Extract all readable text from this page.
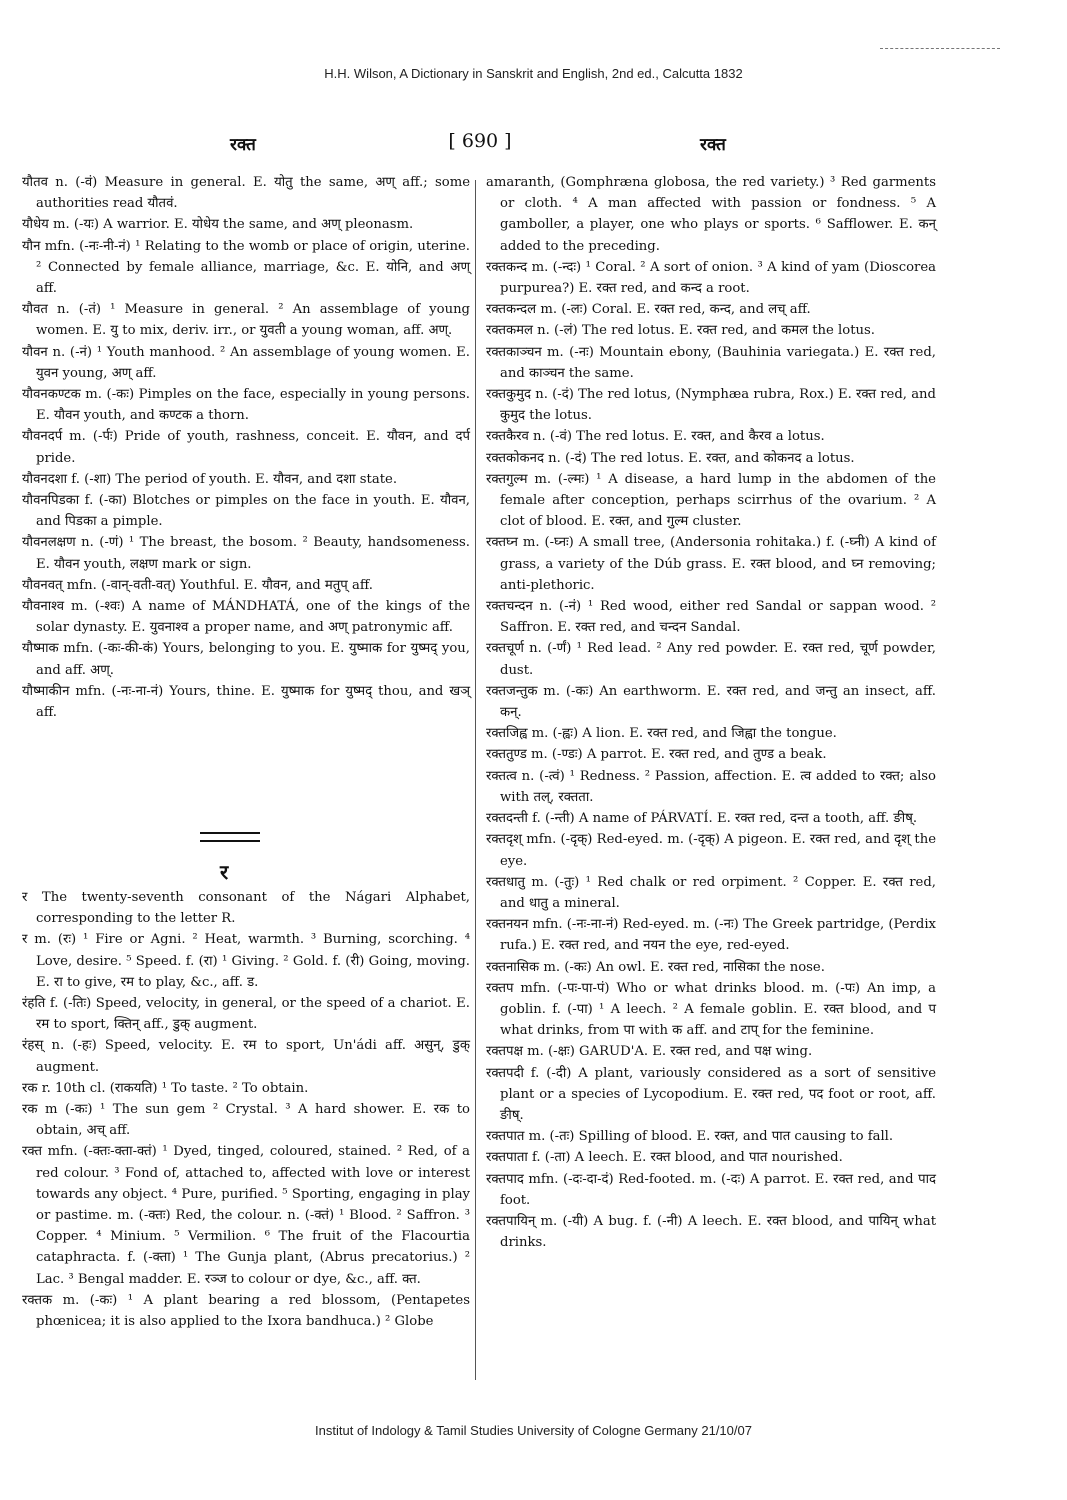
H.H. Wilson, A Dictionary in Sanskrit and English, 2nd ed., Calcutta 1832
रक्त	[ 690 ]	रक्त

यौतव n. (-वं) Measure in general. E. योतु the same, अण् aff.; some authorities read यौतवं.

यौधेय m. (-यः) A warrior. E. योधेय the same, and अण् pleonasm.

यौन mfn. (-नः-नी-नं) ¹ Relating to the womb or place of origin, uterine. ² Connected by female alliance, marriage, &c. E. योनि, and अण् aff.

यौवत n. (-तं) ¹ Measure in general. ² An assemblage of young women. E. यु to mix, deriv. irr., or युवती a young woman, aff. अण्.

यौवन n. (-नं) ¹ Youth manhood. ² An assemblage of young women. E. युवन young, अण् aff.

यौवनकण्टक m. (-कः) Pimples on the face, especially in young persons. E. यौवन youth, and कण्टक a thorn.

यौवनदर्प m. (-र्पः) Pride of youth, rashness, conceit. E. यौवन, and दर्प pride.

यौवनदशा f. (-शा) The period of youth. E. यौवन, and दशा state.

यौवनपिडका f. (-का) Blotches or pimples on the face in youth. E. यौवन, and पिडका a pimple.

यौवनलक्षण n. (-णं) ¹ The breast, the bosom. ² Beauty, handsomeness. E. यौवन youth, लक्षण mark or sign.

यौवनवत् mfn. (-वान्-वती-वत्) Youthful. E. यौवन, and मतुप् aff.

यौवनाश्व m. (-श्वः) A name of MÁNDHATÁ, one of the kings of the solar dynasty. E. युवनाश्व a proper name, and अण् patronymic aff.

यौष्माक mfn. (-कः-की-कं) Yours, belonging to you. E. युष्माक for युष्मद् you, and aff. अण्.

यौष्माकीन mfn. (-नः-ना-नं) Yours, thine. E. युष्माक for युष्मद् thou, and खञ् aff.

र

र The twenty-seventh consonant of the Nágari Alphabet, corresponding to the letter R.

र m. (रः) ¹ Fire or Agni. ² Heat, warmth. ³ Burning, scorching. ⁴ Love, desire. ⁵ Speed. f. (रा) ¹ Giving. ² Gold. f. (री) Going, moving. E. रा to give, रम to play, &c., aff. ड.

रंहति f. (-तिः) Speed, velocity, in general, or the speed of a chariot. E. रम to sport, क्तिन् aff., डुक् augment.

रंहस् n. (-हः) Speed, velocity. E. रम to sport, Un'ádi aff. असुन्, डुक् augment.

रक r. 10th cl. (राकयति) ¹ To taste. ² To obtain.

रक m (-कः) ¹ The sun gem ² Crystal. ³ A hard shower. E. रक to obtain, अच् aff.

रक्त mfn. (-क्तः-क्ता-क्तं) ¹ Dyed, tinged, coloured, stained. ² Red, of a red colour. ³ Fond of, attached to, affected with love or interest towards any object. ⁴ Pure, purified. ⁵ Sporting, engaging in play or pastime. m. (-क्तः) Red, the colour. n. (-क्तं) ¹ Blood. ² Saffron. ³ Copper. ⁴ Minium. ⁵ Vermilion. ⁶ The fruit of the Flacourtia cataphracta. f. (-क्ता) ¹ The Gunja plant, (Abrus precatorius.) ² Lac. ³ Bengal madder. E. रञ्ज to colour or dye, &c., aff. क्त.

रक्तक m. (-कः) ¹ A plant bearing a red blossom, (Pentapetes phœnicea; it is also applied to the Ixora bandhuca.) ² Globe

amaranth, (Gomphræna globosa, the red variety.) ³ Red garments or cloth. ⁴ A man affected with passion or fondness. ⁵ A gamboller, a player, one who plays or sports. ⁶ Safflower. E. कन् added to the preceding.

रक्तकन्द m. (-न्दः) ¹ Coral. ² A sort of onion. ³ A kind of yam (Dioscorea purpurea?) E. रक्त red, and कन्द a root.

रक्तकन्दल m. (-लः) Coral. E. रक्त red, कन्द, and लच् aff.

रक्तकमल n. (-लं) The red lotus. E. रक्त red, and कमल the lotus.

रक्तकाञ्चन m. (-नः) Mountain ebony, (Bauhinia variegata.) E. रक्त red, and काञ्चन the same.

रक्तकुमुद n. (-दं) The red lotus, (Nymphæa rubra, Rox.) E. रक्त red, and कुमुद the lotus.

रक्तकैरव n. (-वं) The red lotus. E. रक्त, and कैरव a lotus.

रक्तकोकनद n. (-दं) The red lotus. E. रक्त, and कोकनद a lotus.

रक्तगुल्म m. (-ल्मः) ¹ A disease, a hard lump in the abdomen of the female after conception, perhaps scirrhus of the ovarium. ² A clot of blood. E. रक्त, and गुल्म cluster.

रक्तघ्न m. (-घ्नः) A small tree, (Andersonia rohitaka.) f. (-घ्नी) A kind of grass, a variety of the Dúb grass. E. रक्त blood, and घ्न removing; anti-plethoric.

रक्तचन्दन n. (-नं) ¹ Red wood, either red Sandal or sappan wood. ² Saffron. E. रक्त red, and चन्दन Sandal.

रक्तचूर्ण n. (-र्णं) ¹ Red lead. ² Any red powder. E. रक्त red, चूर्ण powder, dust.

रक्तजन्तुक m. (-कः) An earthworm. E. रक्त red, and जन्तु an insect, aff. कन्.

रक्तजिह्व m. (-ह्वः) A lion. E. रक्त red, and जिह्वा the tongue.

रक्ततुण्ड m. (-ण्डः) A parrot. E. रक्त red, and तुण्ड a beak.

रक्तत्व n. (-त्वं) ¹ Redness. ² Passion, affection. E. त्व added to रक्त; also with तल्, रक्तता.

रक्तदन्ती f. (-न्ती) A name of PÁRVATÍ. E. रक्त red, दन्त a tooth, aff. ङीष्.

रक्तदृश् mfn. (-दृक्) Red-eyed. m. (-दृक्) A pigeon. E. रक्त red, and दृश् the eye.

रक्तधातु m. (-तुः) ¹ Red chalk or red orpiment. ² Copper. E. रक्त red, and धातु a mineral.

रक्तनयन mfn. (-नः-ना-नं) Red-eyed. m. (-नः) The Greek partridge, (Perdix rufa.) E. रक्त red, and नयन the eye, red-eyed.

रक्तनासिक m. (-कः) An owl. E. रक्त red, नासिका the nose.

रक्तप mfn. (-पः-पा-पं) Who or what drinks blood. m. (-पः) An imp, a goblin. f. (-पा) ¹ A leech. ² A female goblin. E. रक्त blood, and प what drinks, from पा with क aff. and टाप् for the feminine.

रक्तपक्ष m. (-क्षः) GARUD'A. E. रक्त red, and पक्ष wing.

रक्तपदी f. (-दी) A plant, variously considered as a sort of sensitive plant or a species of Lycopodium. E. रक्त red, पद foot or root, aff. ङीष्.

रक्तपात m. (-तः) Spilling of blood. E. रक्त, and पात causing to fall.

रक्तपाता f. (-ता) A leech. E. रक्त blood, and पात nourished.

रक्तपाद mfn. (-दः-दा-दं) Red-footed. m. (-दः) A parrot. E. रक्त red, and पाद foot.

रक्तपायिन् m. (-यी) A bug. f. (-नी) A leech. E. रक्त blood, and पायिन् what drinks.

Institut of Indology & Tamil Studies University of Cologne Germany 21/10/07
